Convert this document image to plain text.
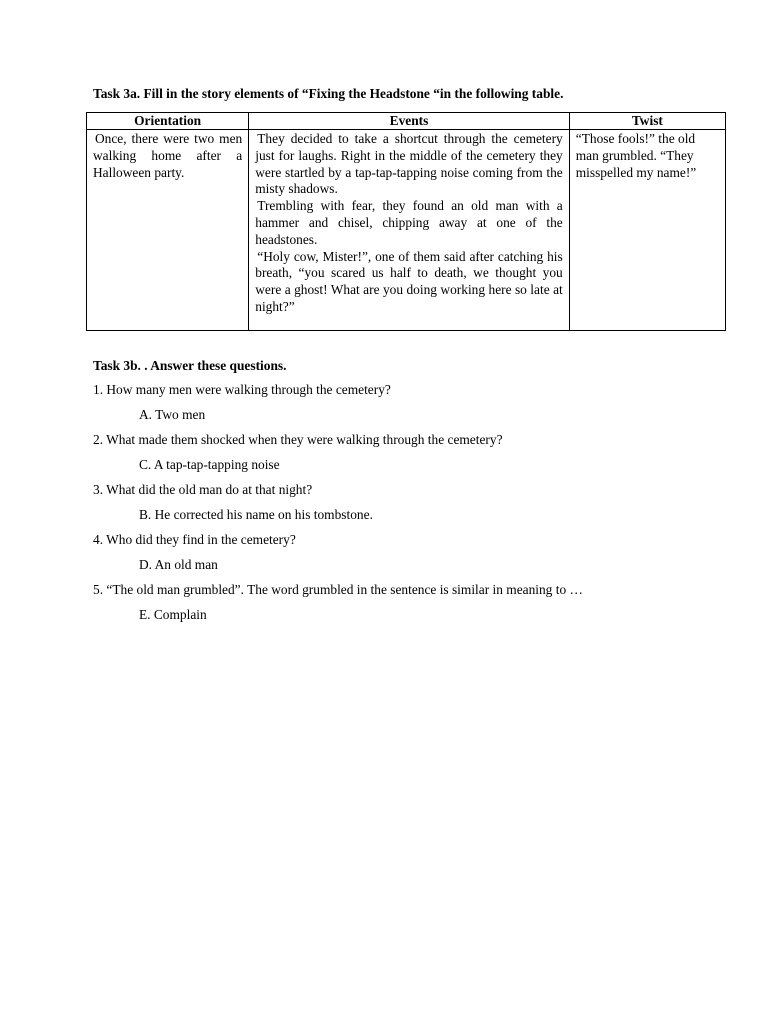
Task 3a. Fill in the story elements of “Fixing the Headstone “in the following table.
Orientation	Events	Twist

Once, there were two men walking home after a Halloween party.	They decided to take a shortcut through the cemetery just for laughs. Right in the middle of the cemetery they were startled by a tap-tap-tapping noise coming from the misty shadows.

Trembling with fear, they found an old man with a hammer and chisel, chipping away at one of the headstones.

“Holy cow, Mister!”, one of them said after catching his breath, “you scared us half to death, we thought you were a ghost! What are you doing working here so late at night?”	“Those fools!” the old man grumbled. “They misspelled my name!”

Task 3b. . Answer these questions.

1. How many men were walking through the cemetery?

A. Two men

2. What made them shocked when they were walking through the cemetery?

C. A tap-tap-tapping noise

3. What did the old man do at that night?

B. He corrected his name on his tombstone.

4. Who did they find in the cemetery?

D. An old man

5. “The old man grumbled”. The word grumbled in the sentence is similar in meaning to …

E. Complain
